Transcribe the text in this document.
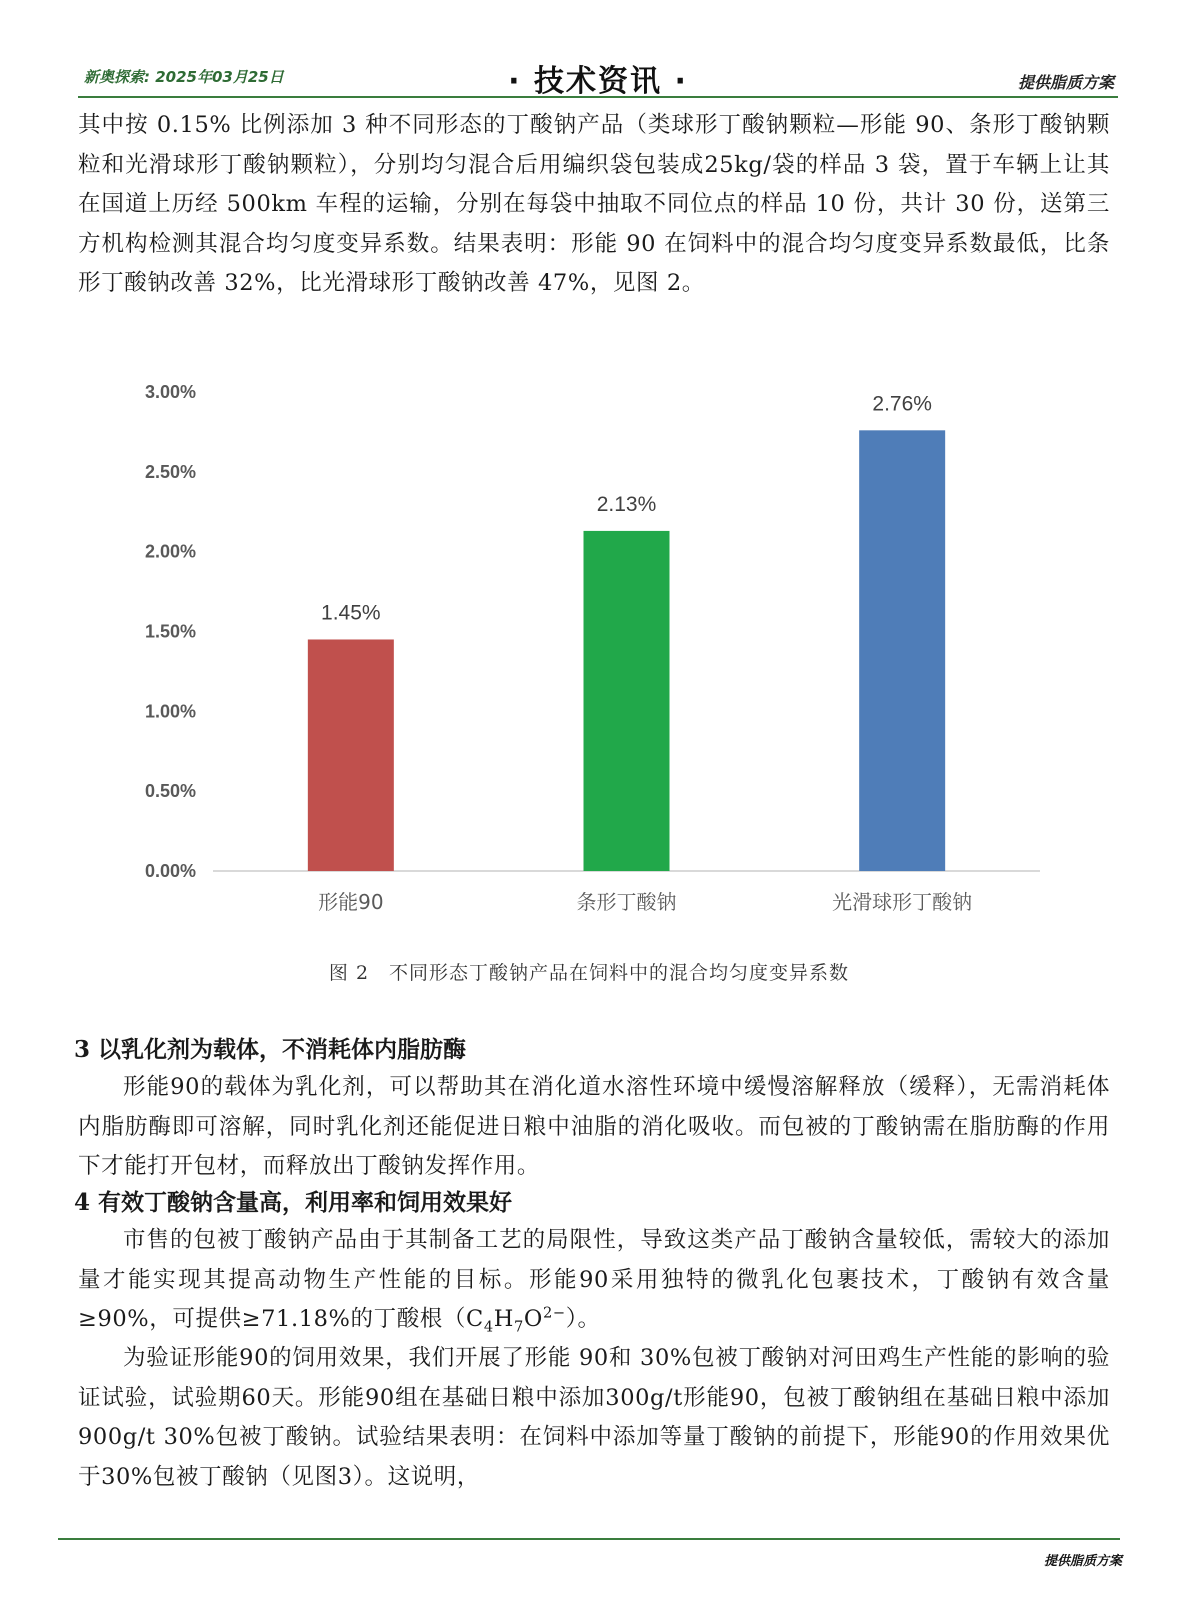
新奥探索: 2025年03月25日	· 技术资讯 ·	提供脂质方案

其中按 0.15% 比例添加 3 种不同形态的丁酸钠产品（类球形丁酸钠颗粒—形能 90、条形丁酸钠颗粒和光滑球形丁酸钠颗粒），分别均匀混合后用编织袋包装成25kg/袋的样品 3 袋，置于车辆上让其在国道上历经 500km 车程的运输，分别在每袋中抽取不同位点的样品 10 份，共计 30 份，送第三方机构检测其混合均匀度变异系数。结果表明：形能 90 在饲料中的混合均匀度变异系数最低，比条形丁酸钠改善 32%，比光滑球形丁酸钠改善 47%，见图 2。

0.00%
0.50%
1.00%
1.50%
2.00%
2.50%
3.00%
1.45%
形能90
2.13%
条形丁酸钠
2.76%
光滑球形丁酸钠
图 2　不同形态丁酸钠产品在饲料中的混合均匀度变异系数
3 以乳化剂为载体，不消耗体内脂肪酶

形能90的载体为乳化剂，可以帮助其在消化道水溶性环境中缓慢溶解释放（缓释），无需消耗体内脂肪酶即可溶解，同时乳化剂还能促进日粮中油脂的消化吸收。而包被的丁酸钠需在脂肪酶的作用下才能打开包材，而释放出丁酸钠发挥作用。

4 有效丁酸钠含量高，利用率和饲用效果好

市售的包被丁酸钠产品由于其制备工艺的局限性，导致这类产品丁酸钠含量较低，需较大的添加量才能实现其提高动物生产性能的目标。形能90采用独特的微乳化包裹技术，丁酸钠有效含量≥90%，可提供≥71.18%的丁酸根$(C_4H_7O^{2-})$。

为验证形能90的饲用效果，我们开展了形能 90和 30%包被丁酸钠对河田鸡生产性能的影响的验证试验，试验期60天。形能90组在基础日粮中添加300g/t形能90，包被丁酸钠组在基础日粮中添加900g/t 30%包被丁酸钠。试验结果表明：在饲料中添加等量丁酸钠的前提下，形能90的作用效果优于30%包被丁酸钠（见图3）。这说明，

提供脂质方案
